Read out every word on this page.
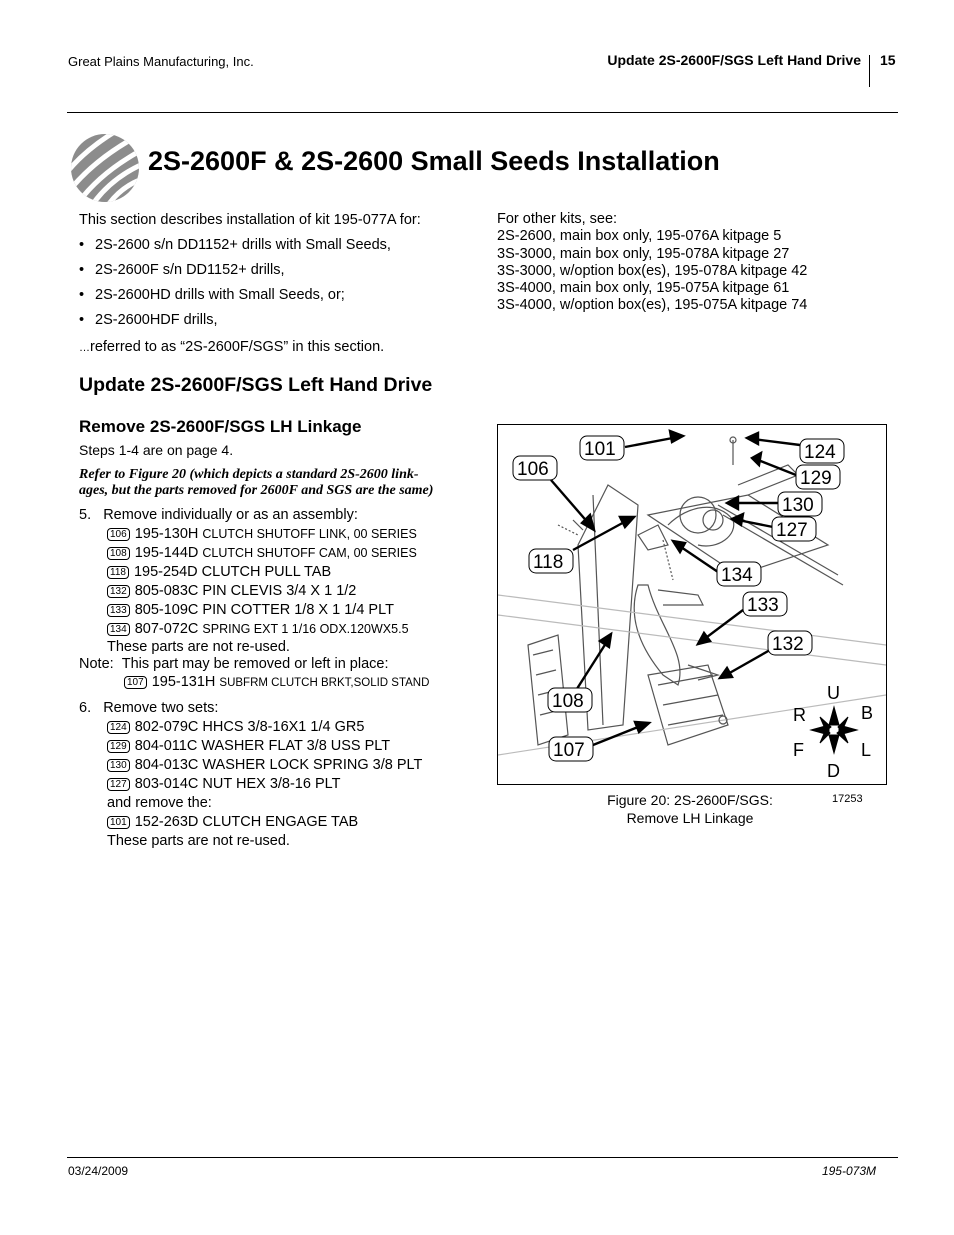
Great Plains Manufacturing, Inc.	Update 2S-2600F/SGS Left Hand Drive 15
2S-2600F & 2S-2600 Small Seeds Installation
This section describes installation of kit 195-077A for:
• 2S-2600 s/n DD1152+ drills with Small Seeds,
• 2S-2600F s/n DD1152+ drills,
• 2S-2600HD drills with Small Seeds, or;
• 2S-2600HDF drills,
…referred to as “2S-2600F/SGS” in this section.
For other kits, see:
2S-2600, main box only, 195-076A kitpage 5
3S-3000, main box only, 195-078A kitpage 27
3S-3000, w/option box(es), 195-078A kitpage 42
3S-4000, main box only, 195-075A kitpage 61
3S-4000, w/option box(es), 195-075A kitpage 74
Update 2S-2600F/SGS Left Hand Drive
Remove 2S-2600F/SGS LH Linkage
Steps 1-4 are on page 4.
Refer to Figure 20 (which depicts a standard 2S-2600 link-
ages, but the parts removed for 2600F and SGS are the same)
5. Remove individually or as an assembly:
106 195-130H CLUTCH SHUTOFF LINK, 00 SERIES
108 195-144D CLUTCH SHUTOFF CAM, 00 SERIES
118 195-254D CLUTCH PULL TAB
132 805-083C PIN CLEVIS 3/4 X 1 1/2
133 805-109C PIN COTTER 1/8 X 1 1/4 PLT
134 807-072C SPRING EXT 1 1/16 ODX.120WX5.5
These parts are not re-used.
Note: This part may be removed or left in place:
107 195-131H SUBFRM CLUTCH BRKT,SOLID STAND
6. Remove two sets:
124 802-079C HHCS 3/8-16X1 1/4 GR5
129 804-011C WASHER FLAT 3/8 USS PLT
130 804-013C WASHER LOCK SPRING 3/8 PLT
127 803-014C NUT HEX 3/8-16 PLT
and remove the:
101 152-263D CLUTCH ENGAGE TAB
These parts are not re-used.
101
106
118
108
107
124
129
130
127
134
133
132
U
D
R	B
F	L
Figure 20: 2S-2600F/SGS:
Remove LH Linkage
17253
03/24/2009	195-073M
